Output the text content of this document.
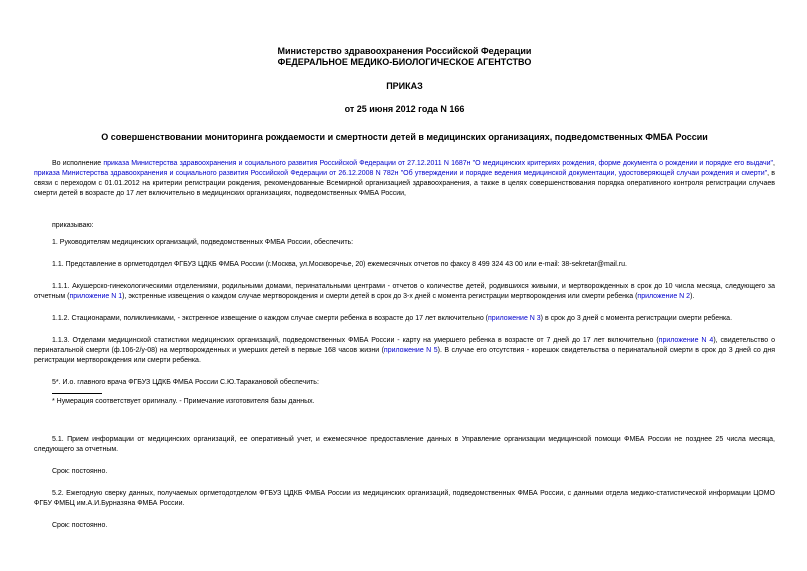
Министерство здравоохранения Российской Федерации
ФЕДЕРАЛЬНОЕ МЕДИКО-БИОЛОГИЧЕСКОЕ АГЕНТСТВО
ПРИКАЗ
от 25 июня 2012 года N 166
О совершенствовании мониторинга рождаемости и смертности детей в медицинских организациях, подведомственных ФМБА России

Во исполнение приказа Министерства здравоохранения и социального развития Российской Федерации от 27.12.2011 N 1687н "О медицинских критериях рождения, форме документа о рождении и порядке его выдачи", приказа Министерства здравоохранения и социального развития Российской Федерации от 26.12.2008 N 782н "Об утверждении и порядке ведения медицинской документации, удостоверяющей случаи рождения и смерти", в связи с переходом с 01.01.2012 на критерии регистрации рождения, рекомендованные Всемирной организацией здравоохранения, а также в целях совершенствования порядка оперативного контроля регистрации случаев смерти детей в возрасте до 17 лет включительно в медицинских организациях, подведомственных ФМБА России,

приказываю:

1. Руководителям медицинских организаций, подведомственных ФМБА России, обеспечить:

1.1. Представление в оргметодотдел ФГБУЗ ЦДКБ ФМБА России (г.Москва, ул.Москворечье, 20) ежемесячных отчетов по факсу 8 499 324 43 00 или e-mail: 38-sekretar@mail.ru.

1.1.1. Акушерско-гинекологическими отделениями, родильными домами, перинатальными центрами - отчетов о количестве детей, родившихся живыми, и мертворожденных в срок до 10 числа месяца, следующего за отчетным (приложение N 1), экстренные извещения о каждом случае мертворождения и смерти детей в срок до 3-х дней с момента регистрации мертворождения или смерти ребенка (приложение N 2).

1.1.2. Стационарами, поликлиниками, - экстренное извещение о каждом случае смерти ребенка в возрасте до 17 лет включительно (приложение N 3) в срок до 3 дней с момента регистрации смерти ребенка.

1.1.3. Отделами медицинской статистики медицинских организаций, подведомственных ФМБА России - карту на умершего ребенка в возрасте от 7 дней до 17 лет включительно (приложение N 4), свидетельство о перинатальной смерти (ф.106-2/у-08) на мертворожденных и умерших детей в первые 168 часов жизни (приложение N 5). В случае его отсутствия - корешок свидетельства о перинатальной смерти в срок до 3 дней со дня регистрации мертворождения или смерти ребенка.

5*. И.о. главного врача ФГБУЗ ЦДКБ ФМБА России С.Ю.Таракановой обеспечить:

* Нумерация соответствует оригиналу. - Примечание изготовителя базы данных.

5.1. Прием информации от медицинских организаций, ее оперативный учет, и ежемесячное предоставление данных в Управление организации медицинской помощи ФМБА России не позднее 25 числа месяца, следующего за отчетным.

Срок: постоянно.

5.2. Ежегодную сверку данных, получаемых оргметодотделом ФГБУЗ ЦДКБ ФМБА России из медицинских организаций, подведомственных ФМБА России, с данными отдела медико-статистической информации ЦОМО ФГБУ ФМБЦ им.А.И.Бурназяна ФМБА России.

Срок: постоянно.
